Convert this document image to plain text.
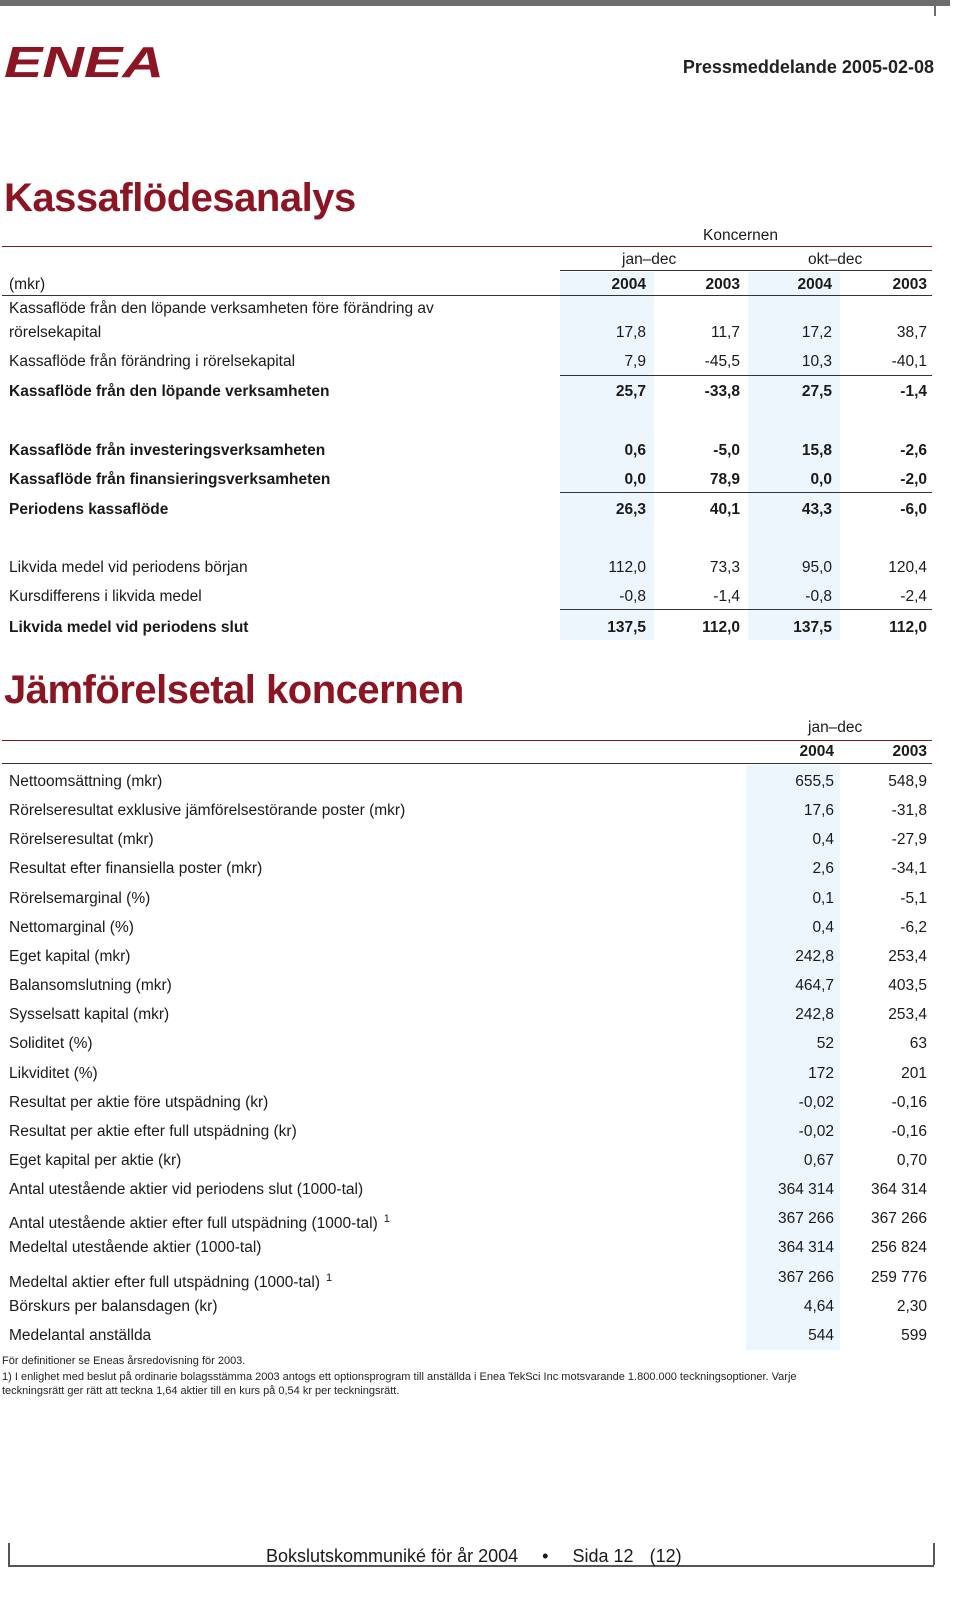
ENEA	Pressmeddelande 2005-02-08
Kassaflödesanalys
Koncernen
jan–dec	okt–dec
(mkr)	2004	2003	2004	2003
Kassaflöde från den löpande verksamheten före förändring av
rörelsekapital	17,8	11,7	17,2	38,7
Kassaflöde från förändring i rörelsekapital	7,9	-45,5	10,3	-40,1
Kassaflöde från den löpande verksamheten	25,7	-33,8	27,5	-1,4
Kassaflöde från investeringsverksamheten	0,6	-5,0	15,8	-2,6
Kassaflöde från finansieringsverksamheten	0,0	78,9	0,0	-2,0
Periodens kassaflöde	26,3	40,1	43,3	-6,0
Likvida medel vid periodens början	112,0	73,3	95,0	120,4
Kursdifferens i likvida medel	-0,8	-1,4	-0,8	-2,4
Likvida medel vid periodens slut	137,5	112,0	137,5	112,0
Jämförelsetal koncernen
jan–dec
2004	2003
Nettoomsättning (mkr)	655,5	548,9
Rörelseresultat exklusive jämförelsestörande poster (mkr)	17,6	-31,8
Rörelseresultat (mkr)	0,4	-27,9
Resultat efter finansiella poster (mkr)	2,6	-34,1
Rörelsemarginal (%)	0,1	-5,1
Nettomarginal (%)	0,4	-6,2
Eget kapital (mkr)	242,8	253,4
Balansomslutning (mkr)	464,7	403,5
Sysselsatt kapital (mkr)	242,8	253,4
Soliditet (%)	52	63
Likviditet (%)	172	201
Resultat per aktie före utspädning (kr)	-0,02	-0,16
Resultat per aktie efter full utspädning (kr)	-0,02	-0,16
Eget kapital per aktie (kr)	0,67	0,70
Antal utestående aktier vid periodens slut (1000-tal)	364 314	364 314
Antal utestående aktier efter full utspädning (1000-tal) $^1$	367 266	367 266
Medeltal utestående aktier (1000-tal)	364 314	256 824
Medeltal aktier efter full utspädning (1000-tal) $^1$	367 266	259 776
Börskurs per balansdagen (kr)	4,64	2,30
Medelantal anställda	544	599
För definitioner se Eneas årsredovisning för 2003.
1) I enlighet med beslut på ordinarie bolagsstämma 2003 antogs ett optionsprogram till anställda i Enea TekSci Inc motsvarande 1.800.000 teckningsoptioner. Varje
teckningsrätt ger rätt att teckna 1,64 aktier till en kurs på 0,54 kr per teckningsrätt.
Bokslutskommuniké för år 2004 • Sida 12 (12)
